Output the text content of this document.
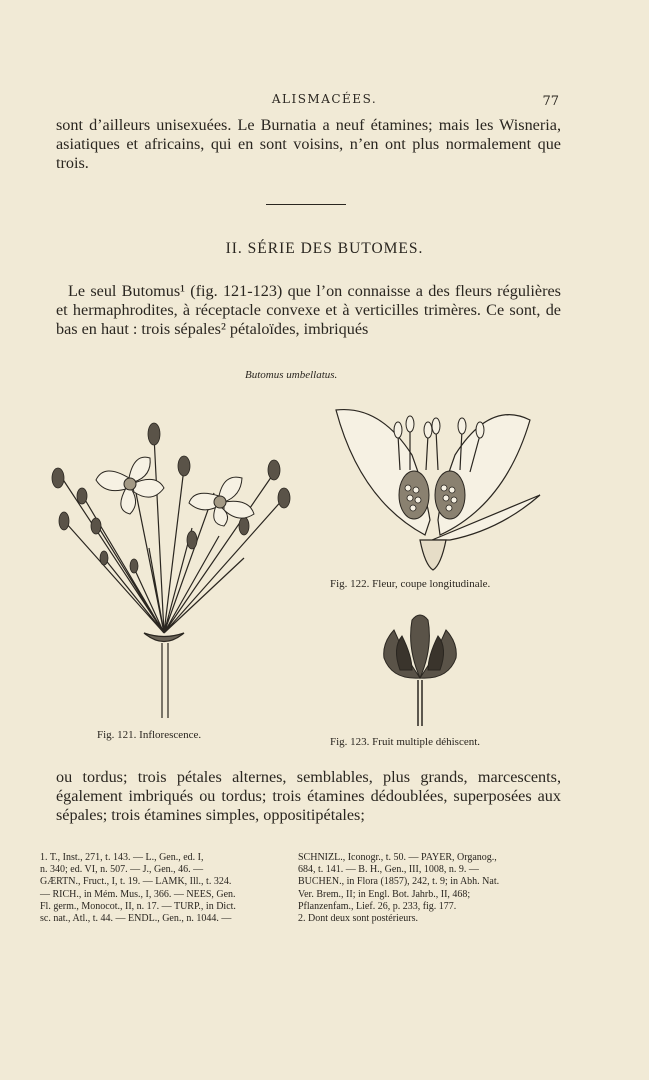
ALISMACÉES.	77

sont d’ailleurs unisexuées. Le Burnatia a neuf étamines; mais les Wisneria, asiatiques et africains, qui en sont voisins, n’en ont plus normalement que trois.

II. SÉRIE DES BUTOMES.

Le seul Butomus¹ (fig. 121-123) que l’on connaisse a des fleurs régulières et hermaphrodites, à réceptacle convexe et à verticilles trimères. Ce sont, de bas en haut : trois sépales² pétaloïdes, imbriqués

Butomus umbellatus.
Fig. 121. Inflorescence.
Fig. 122. Fleur, coupe longitudinale.
Fig. 123. Fruit multiple déhiscent.

ou tordus; trois pétales alternes, semblables, plus grands, marcescents, également imbriqués ou tordus; trois étamines dédoublées, superposées aux sépales; trois étamines simples, oppositipétales;

1. T., Inst., 271, t. 143. — L., Gen., ed. I,
n. 340; ed. VI, n. 507. — J., Gen., 46. —
GÆRTN., Fruct., I, t. 19. — LAMK, Ill., t. 324.
— RICH., in Mém. Mus., I, 366. — NEES, Gen.
Fl. germ., Monocot., II, n. 17. — TURP., in Dict.
sc. nat., Atl., t. 44. — ENDL., Gen., n. 1044. —
SCHNIZL., Iconogr., t. 50. — PAYER, Organog.,
684, t. 141. — B. H., Gen., III, 1008, n. 9. —
BUCHEN., in Flora (1857), 242, t. 9; in Abh. Nat.
Ver. Brem., II; in Engl. Bot. Jahrb., II, 468;
Pflanzenfam., Lief. 26, p. 233, fig. 177.
2. Dont deux sont postérieurs.
